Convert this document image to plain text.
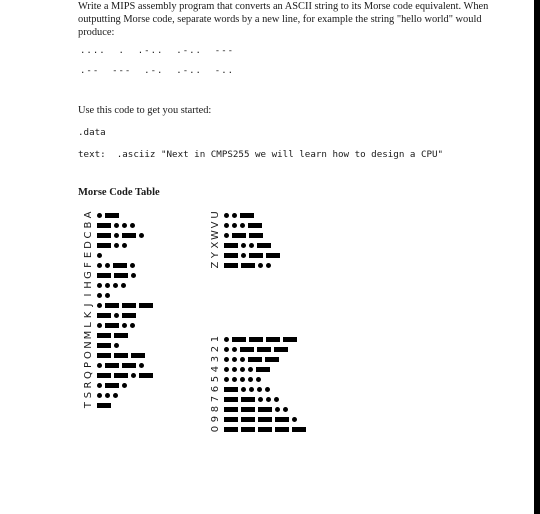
Write a MIPS assembly program that converts an ASCII string to its Morse code equivalent. When outputting Morse code, separate words by a new line, for example the string "hello world" would produce:

....  .  .-..  .-..  ---

.--  ---  .-.  .-..  -..

Use this code to get you started:

.data

text:  .asciiz "Next in CMPS255 we will learn how to design a CPU"

Morse Code Table

A
B
C
D
E
F
G
H
I
J
K
L
M
N
O
P
Q
R
S
T
U
V
W
X
Y
Z
1
2
3
4
5
6
7
8
9
0
